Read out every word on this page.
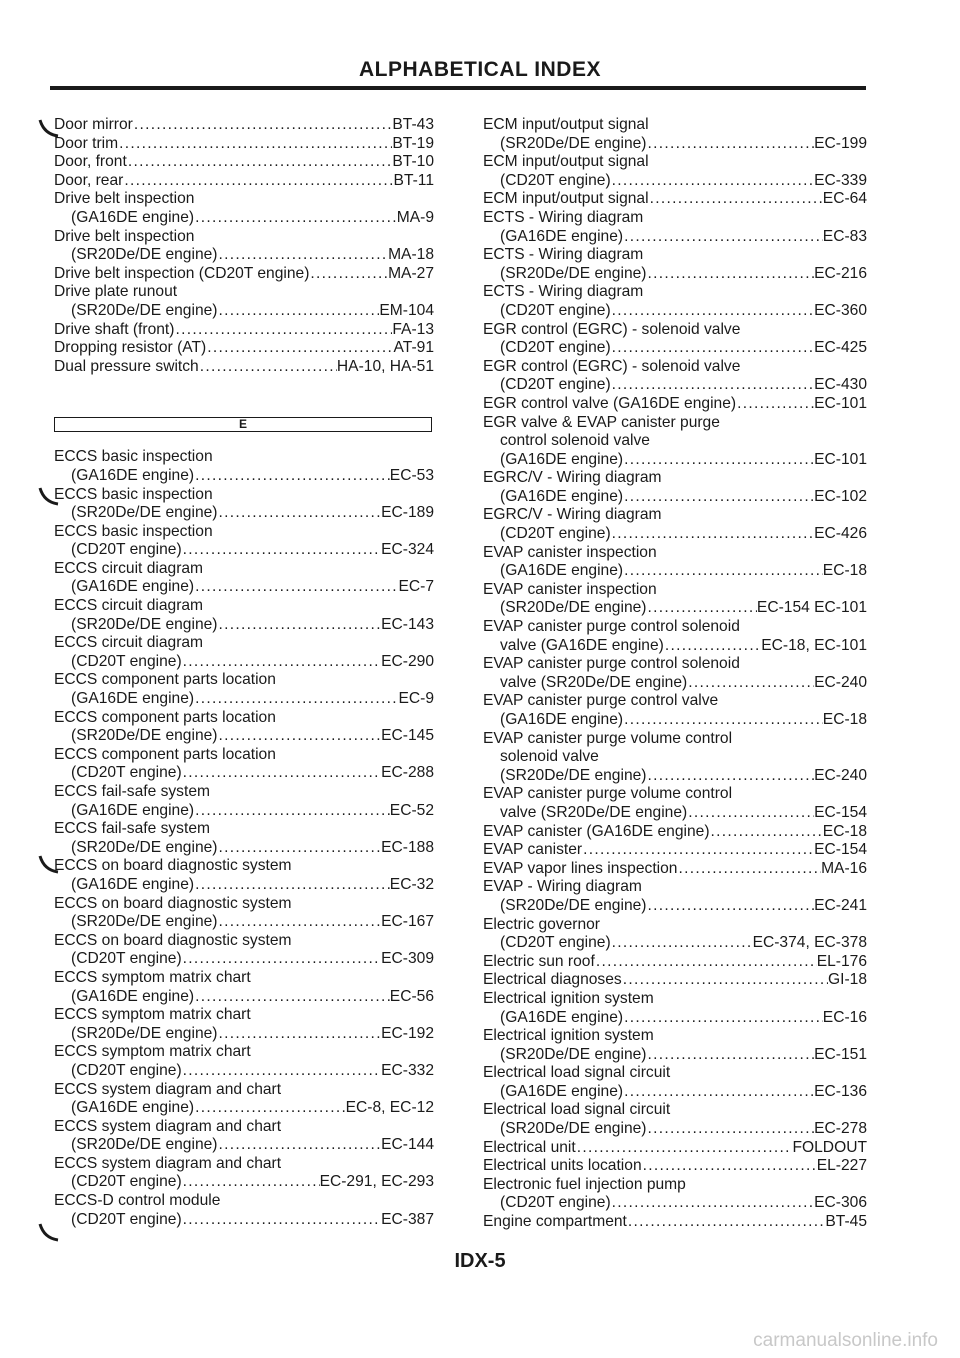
ALPHABETICAL INDEX
Door mirror .....	BT-43
Door trim .....	BT-19
Door, front .....	BT-10
Door, rear .....	BT-11
Drive belt inspection
(GA16DE engine) .....	MA-9
Drive belt inspection
(SR20De/DE engine) .....	MA-18
Drive belt inspection (CD20T engine) .....	MA-27
Drive plate runout
(SR20De/DE engine) .....	EM-104
Drive shaft (front) .....	FA-13
Dropping resistor (AT) .....	AT-91
Dual pressure switch .....	HA-10, HA-51
E
ECCS basic inspection
(GA16DE engine) .....	EC-53
ECCS basic inspection
(SR20De/DE engine) .....	EC-189
ECCS basic inspection
(CD20T engine) .....	EC-324
ECCS circuit diagram
(GA16DE engine) .....	EC-7
ECCS circuit diagram
(SR20De/DE engine) .....	EC-143
ECCS circuit diagram
(CD20T engine) .....	EC-290
ECCS component parts location
(GA16DE engine) .....	EC-9
ECCS component parts location
(SR20De/DE engine) .....	EC-145
ECCS component parts location
(CD20T engine) .....	EC-288
ECCS fail-safe system
(GA16DE engine) .....	EC-52
ECCS fail-safe system
(SR20De/DE engine) .....	EC-188
ECCS on board diagnostic system
(GA16DE engine) .....	EC-32
ECCS on board diagnostic system
(SR20De/DE engine) .....	EC-167
ECCS on board diagnostic system
(CD20T engine) .....	EC-309
ECCS symptom matrix chart
(GA16DE engine) .....	EC-56
ECCS symptom matrix chart
(SR20De/DE engine) .....	EC-192
ECCS symptom matrix chart
(CD20T engine) .....	EC-332
ECCS system diagram and chart
(GA16DE engine) .....	EC-8, EC-12
ECCS system diagram and chart
(SR20De/DE engine) .....	EC-144
ECCS system diagram and chart
(CD20T engine) .....	EC-291, EC-293
ECCS-D control module
(CD20T engine) .....	EC-387
ECM input/output signal
(SR20De/DE engine) .....	EC-199
ECM input/output signal
(CD20T engine) .....	EC-339
ECM input/output signal .....	EC-64
ECTS - Wiring diagram
(GA16DE engine) .....	EC-83
ECTS - Wiring diagram
(SR20De/DE engine) .....	EC-216
ECTS - Wiring diagram
(CD20T engine) .....	EC-360
EGR control (EGRC) - solenoid valve
(CD20T engine) .....	EC-425
EGR control (EGRC) - solenoid valve
(CD20T engine) .....	EC-430
EGR control valve (GA16DE engine) .....	EC-101
EGR valve & EVAP canister purge
control solenoid valve
(GA16DE engine) .....	EC-101
EGRC/V - Wiring diagram
(GA16DE engine) .....	EC-102
EGRC/V - Wiring diagram
(CD20T engine) .....	EC-426
EVAP canister inspection
(GA16DE engine) .....	EC-18
EVAP canister inspection
(SR20De/DE engine) .....	EC-154 EC-101
EVAP canister purge control solenoid
valve (GA16DE engine) .....	EC-18, EC-101
EVAP canister purge control solenoid
valve (SR20De/DE engine) .....	EC-240
EVAP canister purge control valve
(GA16DE engine) .....	EC-18
EVAP canister purge volume control
solenoid valve
(SR20De/DE engine) .....	EC-240
EVAP canister purge volume control
valve (SR20De/DE engine) .....	EC-154
EVAP canister (GA16DE engine) .....	EC-18
EVAP canister .....	EC-154
EVAP vapor lines inspection .....	MA-16
EVAP - Wiring diagram
(SR20De/DE engine) .....	EC-241
Electric governor
(CD20T engine) .....	EC-374, EC-378
Electric sun roof .....	EL-176
Electrical diagnoses .....	GI-18
Electrical ignition system
(GA16DE engine) .....	EC-16
Electrical ignition system
(SR20De/DE engine) .....	EC-151
Electrical load signal circuit
(GA16DE engine) .....	EC-136
Electrical load signal circuit
(SR20De/DE engine) .....	EC-278
Electrical unit .....	FOLDOUT
Electrical units location .....	EL-227
Electronic fuel injection pump
(CD20T engine) .....	EC-306
Engine compartment .....	BT-45
IDX-5
carmanualsonline.info
